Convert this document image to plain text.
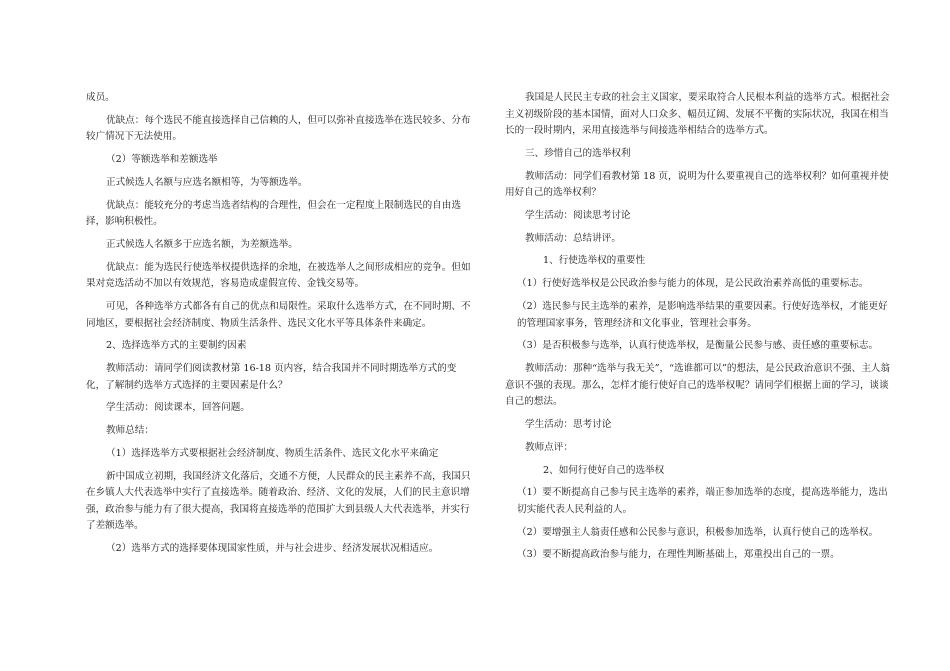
成员。
优缺点：每个选民不能直接选择自己信赖的人，但可以弥补直接选举在选民较多、分布较广情况下无法使用。
（2）等额选举和差额选举
正式候选人名额与应选名额相等，为等额选举。
优缺点：能较充分的考虑当选者结构的合理性，但会在一定程度上限制选民的自由选择，影响积极性。
正式候选人名额多于应选名额，为差额选举。
优缺点：能为选民行使选举权提供选择的余地，在被选举人之间形成相应的竞争。但如果对竞选活动不加以有效规范，容易造成虚假宣传、金钱交易等。
可见，各种选举方式都各有自己的优点和局限性。采取什么选举方式，在不同时期、不同地区，要根据社会经济制度、物质生活条件、选民文化水平等具体条件来确定。
2、选择选举方式的主要制约因素
教师活动：请同学们阅读教材第 16-18 页内容，结合我国并不同时期选举方式的变化，了解制约选举方式选择的主要因素是什么？
学生活动：阅读课本，回答问题。
教师总结：
（1）选择选举方式要根据社会经济制度、物质生活条件、选民文化水平来确定
新中国成立初期，我国经济文化落后，交通不方便，人民群众的民主素养不高，我国只在乡镇人大代表选举中实行了直接选举。随着政治、经济、文化的发展，人们的民主意识增强，政治参与能力有了很大提高，我国将直接选举的范围扩大到县级人大代表选举，并实行了差额选举。
（2）选举方式的选择要体现国家性质，并与社会进步、经济发展状况相适应。
我国是人民民主专政的社会主义国家，要采取符合人民根本利益的选举方式。根据社会主义初级阶段的基本国情，面对人口众多、幅员辽阔、发展不平衡的实际状况，我国在相当长的一段时期内，采用直接选举与间接选举相结合的选举方式。
三、珍惜自己的选举权利
教师活动：同学们看教材第 18 页，说明为什么要重视自己的选举权利？如何重视并使用好自己的选举权利？
学生活动：阅读思考讨论
教师活动：总结讲评。
1、行使选举权的重要性
（1）行使好选举权是公民政治参与能力的体现，是公民政治素养高低的重要标志。
（2）选民参与民主选举的素养，是影响选举结果的重要因素。行使好选举权，才能更好的管理国家事务，管理经济和文化事业，管理社会事务。
（3）是否积极参与选举，认真行使选举权，是衡量公民参与感、责任感的重要标志。
教师活动：那种“选举与我无关”，“选谁都可以”的想法，是公民政治意识不强、主人翁意识不强的表现。那么，怎样才能行使好自己的选举权呢？请同学们根据上面的学习，谈谈自己的想法。
学生活动：思考讨论
教师点评：
2、如何行使好自己的选举权
（1）要不断提高自己参与民主选举的素养，端正参加选举的态度，提高选举能力，选出切实能代表人民利益的人。
（2）要增强主人翁责任感和公民参与意识，积极参加选举，认真行使自己的选举权。
（3）要不断提高政治参与能力，在理性判断基础上，郑重投出自己的一票。
